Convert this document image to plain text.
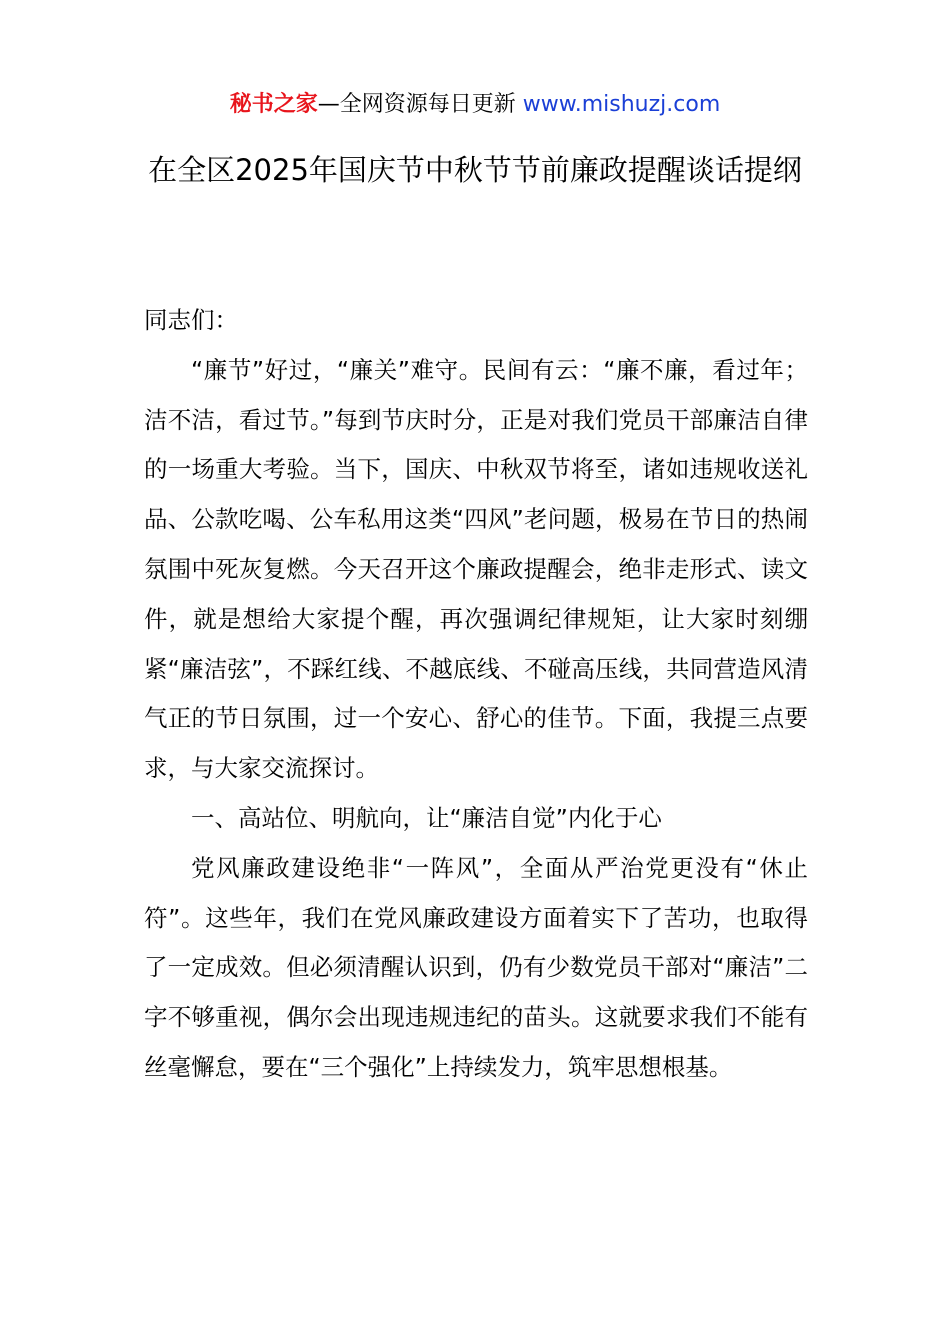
秘书之家—全网资源每日更新 www.mishuzj.com
在全区2025年国庆节中秋节节前廉政提醒谈话提纲

同志们：

“廉节”好过，“廉关”难守。民间有云：“廉不廉，看过年；洁不洁，看过节。”每到节庆时分，正是对我们党员干部廉洁自律的一场重大考验。当下，国庆、中秋双节将至，诸如违规收送礼品、公款吃喝、公车私用这类“四风”老问题，极易在节日的热闹氛围中死灰复燃。今天召开这个廉政提醒会，绝非走形式、读文件，就是想给大家提个醒，再次强调纪律规矩，让大家时刻绷紧“廉洁弦”，不踩红线、不越底线、不碰高压线，共同营造风清气正的节日氛围，过一个安心、舒心的佳节。下面，我提三点要求，与大家交流探讨。

一、高站位、明航向，让“廉洁自觉”内化于心

党风廉政建设绝非“一阵风”，全面从严治党更没有“休止符”。这些年，我们在党风廉政建设方面着实下了苦功，也取得了一定成效。但必须清醒认识到，仍有少数党员干部对“廉洁”二字不够重视，偶尔会出现违规违纪的苗头。这就要求我们不能有丝毫懈怠，要在“三个强化”上持续发力，筑牢思想根基。
